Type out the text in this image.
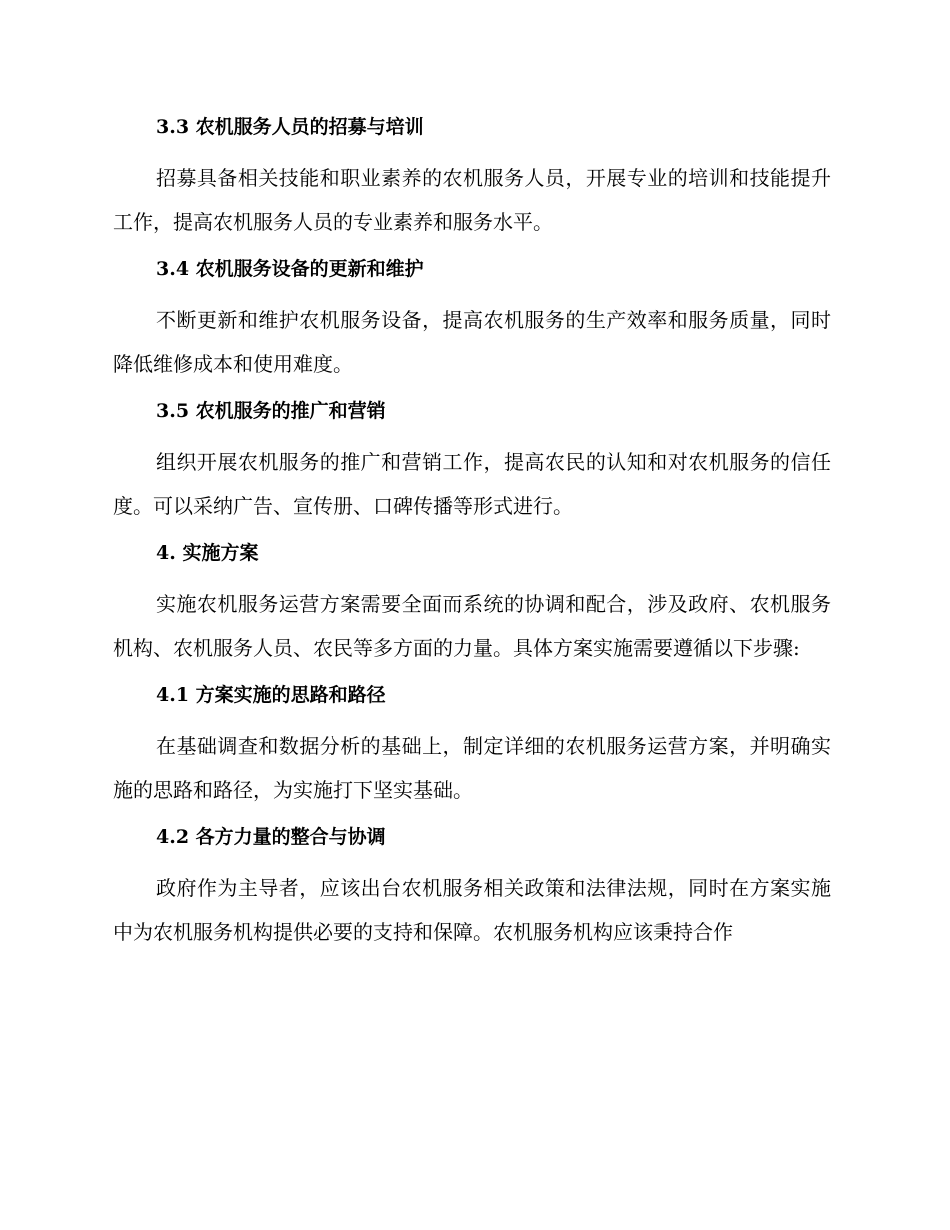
3.3 农机服务人员的招募与培训

招募具备相关技能和职业素养的农机服务人员，开展专业的培训和技能提升工作，提高农机服务人员的专业素养和服务水平。

3.4 农机服务设备的更新和维护

不断更新和维护农机服务设备，提高农机服务的生产效率和服务质量，同时降低维修成本和使用难度。

3.5 农机服务的推广和营销

组织开展农机服务的推广和营销工作，提高农民的认知和对农机服务的信任度。可以采纳广告、宣传册、口碑传播等形式进行。

4. 实施方案

实施农机服务运营方案需要全面而系统的协调和配合，涉及政府、农机服务机构、农机服务人员、农民等多方面的力量。具体方案实施需要遵循以下步骤:

4.1 方案实施的思路和路径

在基础调查和数据分析的基础上，制定详细的农机服务运营方案，并明确实施的思路和路径，为实施打下坚实基础。

4.2 各方力量的整合与协调

政府作为主导者，应该出台农机服务相关政策和法律法规，同时在方案实施中为农机服务机构提供必要的支持和保障。农机服务机构应该秉持合作
